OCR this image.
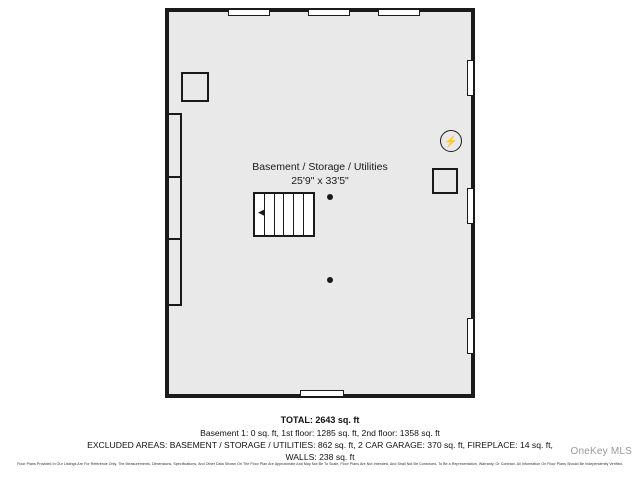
⚡
◀
Basement / Storage / Utilities
25'9" x 33'5"
TOTAL: 2643 sq. ft
Basement 1: 0 sq. ft, 1st floor: 1285 sq. ft, 2nd floor: 1358 sq. ft
EXCLUDED AREAS: BASEMENT / STORAGE / UTILITIES: 862 sq. ft, 2 CAR GARAGE: 370 sq. ft, FIREPLACE: 14 sq. ft,
WALLS: 238 sq. ft
Floor Plans Provided In Our Listings Are For Reference Only. The Measurements, Dimensions, Specifications, And Other Data Shown On The Floor Plan Are Approximate And May Not Be To Scale, Floor Plans Are Not Intended, And Shall Not Be Construed, To Be a Representation, Warranty, Or Contract. All Information On Floor Plans Should Be Independently Verified.
OneKey MLS
